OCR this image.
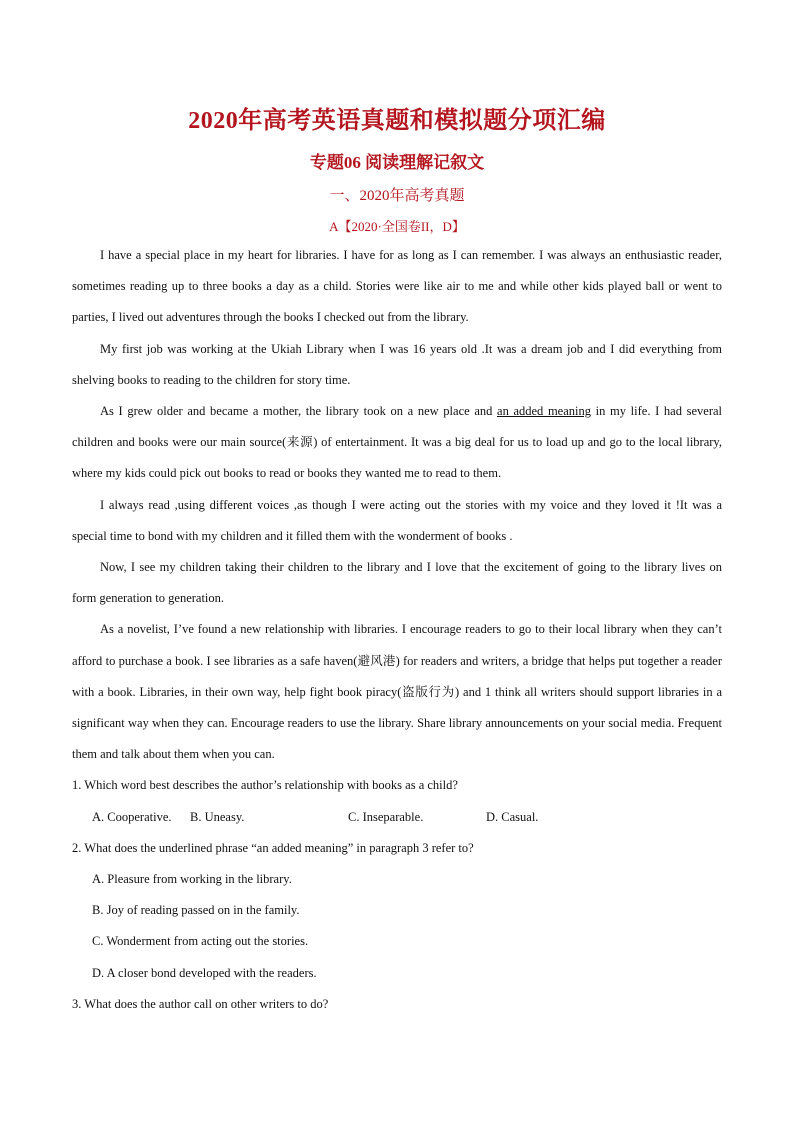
2020年高考英语真题和模拟题分项汇编
专题06 阅读理解记叙文
一、2020年高考真题
A【2020·全国卷II，D】

I have a special place in my heart for libraries. I have for as long as I can remember. I was always an enthusiastic reader, sometimes reading up to three books a day as a child. Stories were like air to me and while other kids played ball or went to parties, I lived out adventures through the books I checked out from the library.

My first job was working at the Ukiah Library when I was 16 years old .It was a dream job and I did everything from shelving books to reading to the children for story time.

As I grew older and became a mother, the library took on a new place and an added meaning in my life. I had several children and books were our main source(来源) of entertainment. It was a big deal for us to load up and go to the local library, where my kids could pick out books to read or books they wanted me to read to them.

I always read ,using different voices ,as though I were acting out the stories with my voice and they loved it !It was a special time to bond with my children and it filled them with the wonderment of books .

Now, I see my children taking their children to the library and I love that the excitement of going to the library lives on form generation to generation.

As a novelist, I’ve found a new relationship with libraries. I encourage readers to go to their local library when they can’t afford to purchase a book. I see libraries as a safe haven(避风港) for readers and writers, a bridge that helps put together a reader with a book. Libraries, in their own way, help fight book piracy(盗版行为) and 1 think all writers should support libraries in a significant way when they can. Encourage readers to use the library. Share library announcements on your social media. Frequent them and talk about them when you can.

1. Which word best describes the author’s relationship with books as a child?

A. Cooperative.	B. Uneasy.	C. Inseparable.	D. Casual.

2. What does the underlined phrase “an added meaning” in paragraph 3 refer to?

A. Pleasure from working in the library.

B. Joy of reading passed on in the family.

C. Wonderment from acting out the stories.

D. A closer bond developed with the readers.

3. What does the author call on other writers to do?
